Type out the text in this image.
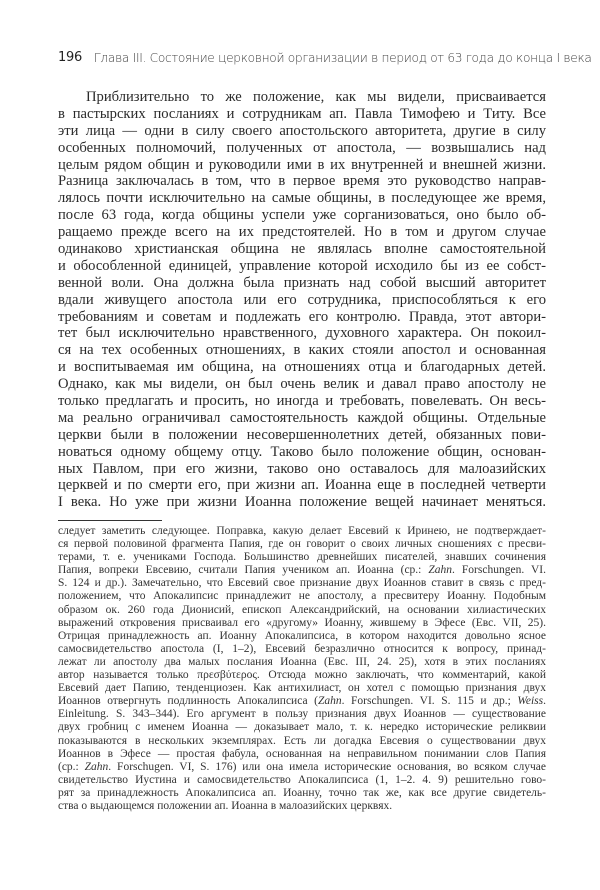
196 Глава III. Состояние церковной организации в период от 63 года до конца I века
Приблизительно то же положение, как мы видели, присваивается
в пастырских посланиях и сотрудникам ап. Павла Тимофею и Титу. Все
эти лица — одни в силу своего апостольского авторитета, другие в силу
особенных полномочий, полученных от апостола, — возвышались над
целым рядом общин и руководили ими в их внутренней и внешней жизни.
Разница заключалась в том, что в первое время это руководство направ-
лялось почти исключительно на самые общины, в последующее же время,
после 63 года, когда общины успели уже сорганизоваться, оно было об-
ращаемо прежде всего на их предстоятелей. Но в том и другом случае
одинаково христианская община не являлась вполне самостоятельной
и обособленной единицей, управление которой исходило бы из ее собст-
венной воли. Она должна была признать над собой высший авторитет
вдали живущего апостола или его сотрудника, приспособляться к его
требованиям и советам и подлежать его контролю. Правда, этот автори-
тет был исключительно нравственного, духовного характера. Он покоил-
ся на тех особенных отношениях, в каких стояли апостол и основанная
и воспитываемая им община, на отношениях отца и благодарных детей.
Однако, как мы видели, он был очень велик и давал право апостолу не
только предлагать и просить, но иногда и требовать, повелевать. Он весь-
ма реально ограничивал самостоятельность каждой общины. Отдельные
церкви были в положении несовершеннолетних детей, обязанных пови-
новаться одному общему отцу. Таково было положение общин, основан-
ных Павлом, при его жизни, таково оно оставалось для малоазийских
церквей и по смерти его, при жизни ап. Иоанна еще в последней четверти
I века. Но уже при жизни Иоанна положение вещей начинает меняться.
следует заметить следующее. Поправка, какую делает Евсевий к Иринею, не подтверждает-
ся первой половиной фрагмента Папия, где он говорит о своих личных сношениях с пресви-
терами, т. е. учениками Господа. Большинство древнейших писателей, знавших сочинения
Папия, вопреки Евсевию, считали Папия учеником ап. Иоанна (ср.: Zahn. Forschungen. VI.
S. 124 и др.). Замечательно, что Евсевий свое признание двух Иоаннов ставит в связь с пред-
положением, что Апокалипсис принадлежит не апостолу, а пресвитеру Иоанну. Подобным
образом ок. 260 года Дионисий, епископ Александрийский, на основании хилиастических
выражений откровения присваивал его «другому» Иоанну, жившему в Эфесе (Евс. VII, 25).
Отрицая принадлежность ап. Иоанну Апокалипсиса, в котором находится довольно ясное
самосвидетельство апостола (I, 1–2), Евсевий безразлично относится к вопросу, принад-
лежат ли апостолу два малых послания Иоанна (Евс. III, 24. 25), хотя в этих посланиях
автор называется только πρεσβύτερος. Отсюда можно заключать, что комментарий, какой
Евсевий дает Папию, тенденциозен. Как антихилиаст, он хотел с помощью признания двух
Иоаннов отвергнуть подлинность Апокалипсиса (Zahn. Forschungen. VI. S. 115 и др.; Weiss.
Einleitung. S. 343–344). Его аргумент в пользу признания двух Иоаннов — существование
двух гробниц с именем Иоанна — доказывает мало, т. к. нередко исторические реликвии
показываются в нескольких экземплярах. Есть ли догадка Евсевия о существовании двух
Иоаннов в Эфесе — простая фабула, основанная на неправильном понимании слов Папия
(ср.: Zahn. Forschugen. VI, S. 176) или она имела исторические основания, во всяком случае
свидетельство Иустина и самосвидетельство Апокалипсиса (1, 1–2. 4. 9) решительно гово-
рят за принадлежность Апокалипсиса ап. Иоанну, точно так же, как все другие свидетель-
ства о выдающемся положении ап. Иоанна в малоазийских церквях.
